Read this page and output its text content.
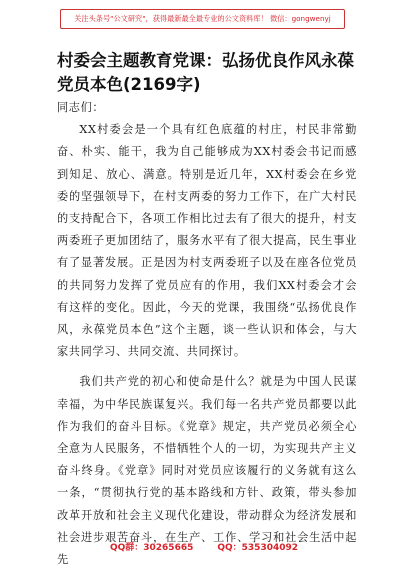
关注头条号"公文研究"，获得最新最全最专业的公文资料库！ 微信：gongwenyj
村委会主题教育党课：弘扬优良作风永葆党员本色(2169字)

同志们：

XX村委会是一个具有红色底蕴的村庄，村民非常勤奋、朴实、能干，我为自己能够成为XX村委会书记而感到知足、放心、满意。特别是近几年，XX村委会在乡党委的坚强领导下，在村支两委的努力工作下，在广大村民的支持配合下，各项工作相比过去有了很大的提升，村支两委班子更加团结了，服务水平有了很大提高，民生事业有了显著发展。正是因为村支两委班子以及在座各位党员的共同努力发挥了党员应有的作用，我们XX村委会才会有这样的变化。因此，今天的党课，我围绕“弘扬优良作风，永葆党员本色”这个主题，谈一些认识和体会，与大家共同学习、共同交流、共同探讨。

我们共产党的初心和使命是什么？就是为中国人民谋幸福，为中华民族谋复兴。我们每一名共产党员都要以此作为我们的奋斗目标。《党章》规定，共产党员必须全心全意为人民服务，不惜牺牲个人的一切，为实现共产主义奋斗终身。《党章》同时对党员应该履行的义务就有这么一条，“贯彻执行党的基本路线和方针、政策，带头参加改革开放和社会主义现代化建设，带动群众为经济发展和社会进步艰苦奋斗，在生产、工作、学习和社会生活中起先

QQ群：30265665	QQ：535304092
